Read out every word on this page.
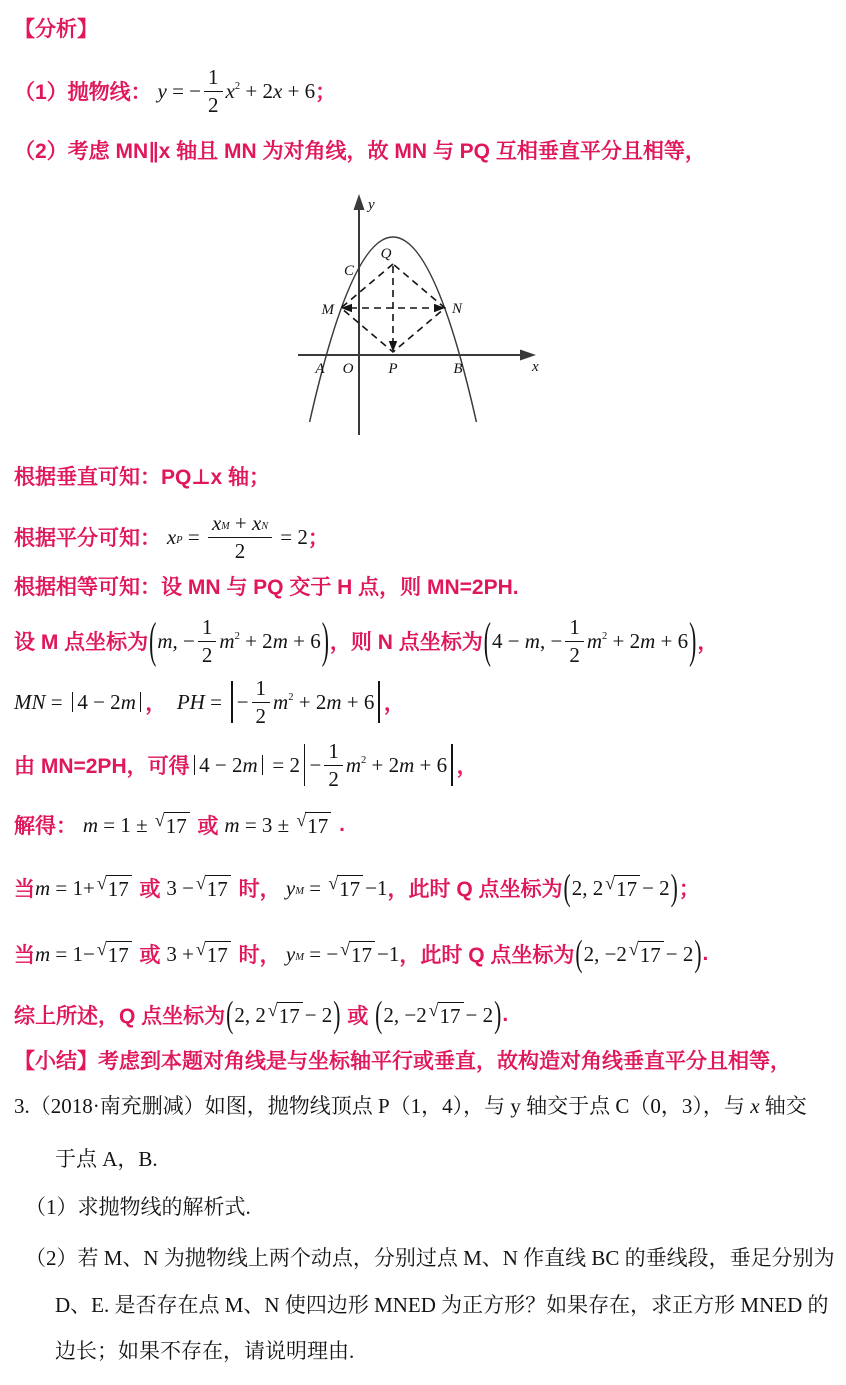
【分析】
（1）抛物线： y = − $\frac{1}{2}$ x 2 + 2x + 6 ；
（2）考虑 MN∥x 轴且 MN 为对角线，故 MN 与 PQ 互相垂直平分且相等，
y
x
Q
C
M	N
A O P	B
根据垂直可知：PQ⊥x 轴；
根据平分可知： x $P = \frac{\text{x M + x N}}{2} = 2$ ；
根据相等可知：设 MN 与 PQ 交于 H 点，则 MN=2PH.
设 M 点坐标为 ( m, − $\frac{1}{2}$ m 2 + 2m + 6 ) ，则 N 点坐标为 ( 4 − m, − $\frac{1}{2}$ m 2 + 2m + 6 ) ，
MN = 4 − 2m ， PH = − $\frac{1}{2}$ m 2 + 2m + 6 ，
由 MN=2PH，可得 $4 - 2m = 2 - \frac{1}{2}$ m 2 + 2m + 6 ，
解得： m = 1 ± √ 17 或 m = 3 ± √ 17 .
当 m = 1+ √ 17 或 3 − √ 17 时， y M = √ 17 −1 ，此时 Q 点坐标为 ( 2, 2 √ 17 − 2 ) ；
当 m = 1− √ 17 或 3 + √ 17 时， y M = − √ 17 −1 ，此时 Q 点坐标为 ( 2, −2 √ 17 − 2 ) .
综上所述，Q 点坐标为 ( 2, 2 √ 17 − 2 ) 或 ( 2, −2 √ 17 − 2 ) .
【小结】考虑到本题对角线是与坐标轴平行或垂直，故构造对角线垂直平分且相等，
3.（2018·南充删减）如图，抛物线顶点 P（1，4），与 y 轴交于点 C（0，3），与 x 轴交
于点 A，B.
（1）求抛物线的解析式.
（2）若 M、N 为抛物线上两个动点，分别过点 M、N 作直线 BC 的垂线段，垂足分别为
D、E. 是否存在点 M、N 使四边形 MNED 为正方形？如果存在，求正方形 MNED 的
边长；如果不存在，请说明理由.
